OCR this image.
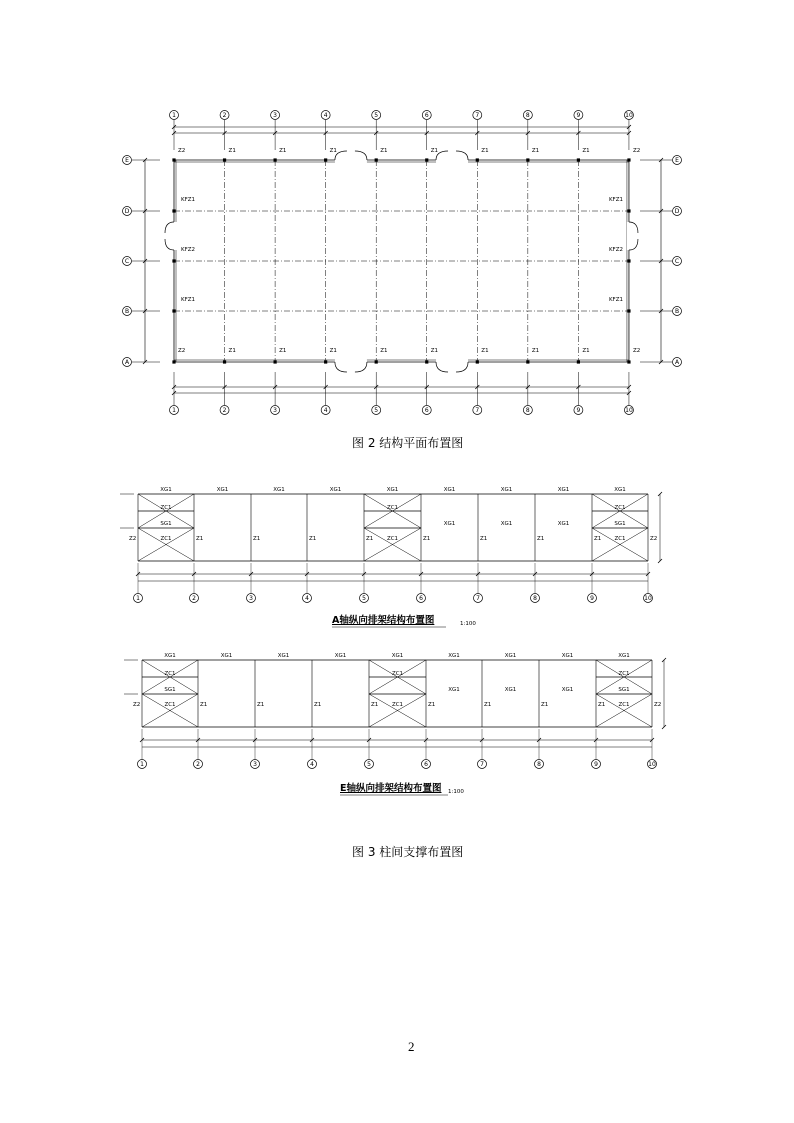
1
1
2
2
3
3
4
4
5
5
6
6
7
7
8
8
9
9
10
10
E	E
D	D
C	C
B	B
A	A
Z2	Z1	Z1	Z1	Z1	Z1	Z1	Z1	Z1	Z2
Z2	Z1	Z1	Z1	Z1	Z1	Z1	Z1	Z1	Z2
KFZ1	KFZ1
KFZ2	KFZ2
KFZ1	KFZ1
ZC1
ZC1
ZC1
ZC1
ZC1
ZC1
XG1	XG1	XG1	XG1	XG1	XG1	XG1	XG1	XG1
SG1	XG1	XG1	XG1	SG1
Z2	Z1	Z1	Z1	Z1	Z1	Z1	Z1	Z1	Z2
1	2	3	4	5	6	7	8	9	10
ZC1
ZC1
ZC1
ZC1
ZC1
ZC1
XG1	XG1	XG1	XG1	XG1	XG1	XG1	XG1	XG1
SG1	XG1	XG1	XG1	SG1
Z2	Z1	Z1	Z1	Z1	Z1	Z1	Z1	Z1	Z2
1	2	3	4	5	6	7	8	9	10
图 2 结构平面布置图
A轴纵向排架结构布置图	1:100
E轴纵向排架结构布置图 1:100
图 3 柱间支撑布置图
2
